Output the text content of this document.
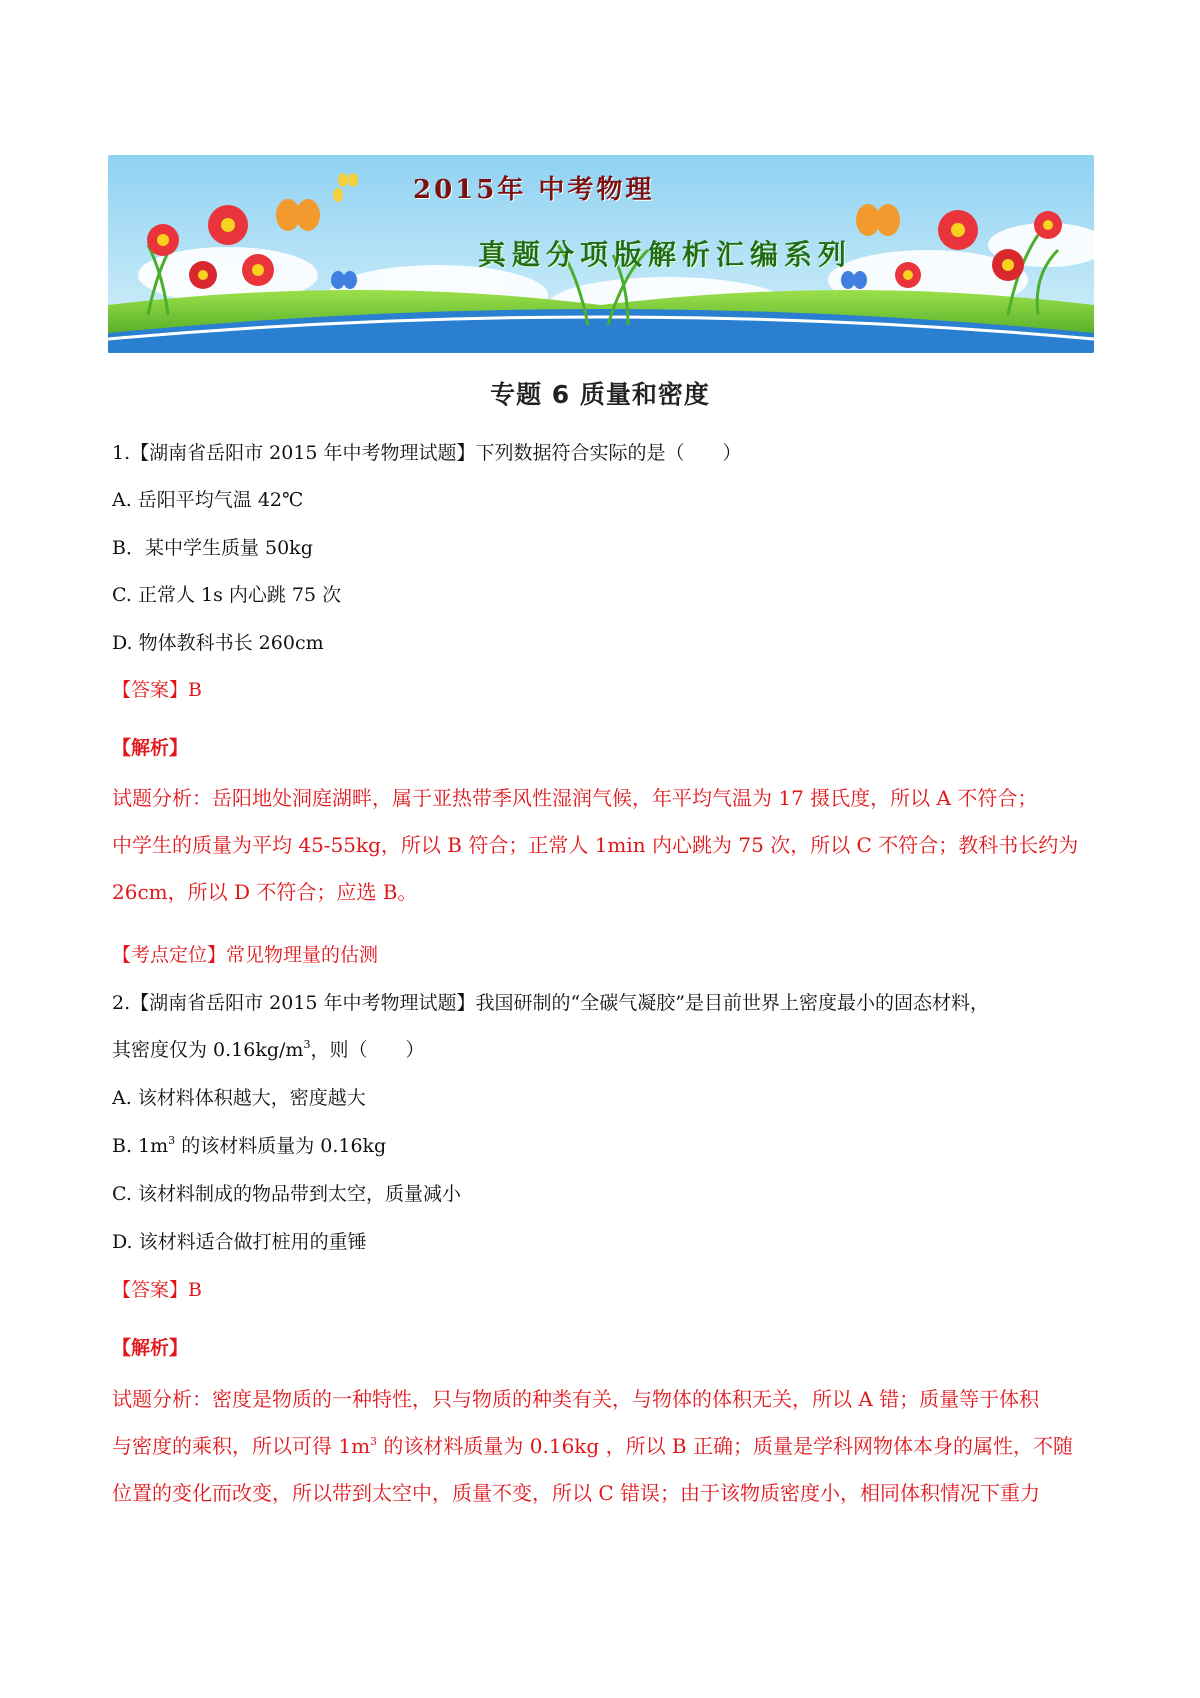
2015年 中考物理
真题分项版解析汇编系列
专题 6 质量和密度
1.【湖南省岳阳市 2015 年中考物理试题】下列数据符合实际的是（　　）
A. 岳阳平均气温 42℃
B．某中学生质量 50kg
C. 正常人 1s 内心跳 75 次
D. 物体教科书长 260cm
【答案】B
【解析】

试题分析：岳阳地处洞庭湖畔，属于亚热带季风性湿润气候，年平均气温为 17 摄氏度，所以 A 不符合；

中学生的质量为平均 45-55kg，所以 B 符合；正常人 1min 内心跳为 75 次，所以 C 不符合；教科书长约为

26cm，所以 D 不符合；应选 B。

【考点定位】常见物理量的估测
2.【湖南省岳阳市 2015 年中考物理试题】我国研制的“全碳气凝胶”是目前世界上密度最小的固态材料，
其密度仅为 $0.16kg/m^3$，则（　　）
A. 该材料体积越大，密度越大
B. $1m^3$ 的该材料质量为 0.16kg
C. 该材料制成的物品带到太空，质量减小
D. 该材料适合做打桩用的重锤
【答案】B
【解析】

试题分析：密度是物质的一种特性，只与物质的种类有关，与物体的体积无关，所以 A 错；质量等于体积

与密度的乘积，所以可得 $1m^3$ 的该材料质量为 0.16kg ，所以 B 正确；质量是学科网物体本身的属性，不随

位置的变化而改变，所以带到太空中，质量不变，所以 C 错误；由于该物质密度小，相同体积情况下重力
